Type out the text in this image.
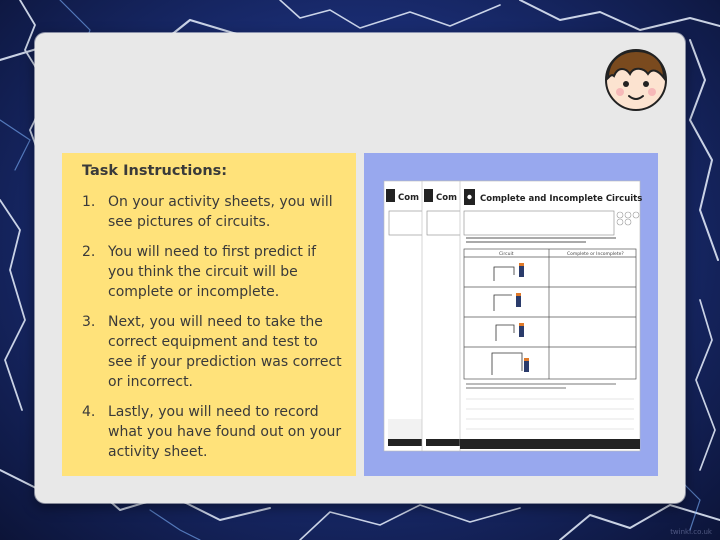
Task Instructions:
1. On your activity sheets, you will see pictures of circuits.
2. You will need to first predict if you think the circuit will be complete or incomplete.
3. Next, you will need to take the correct equipment and test to see if your prediction was correct or incorrect.
4. Lastly, you will need to record what you have found out on your activity sheet.
Com Com	Complete and Incomplete Circuits
Circuit	Complete or Incomplete?
twinkl.co.uk
